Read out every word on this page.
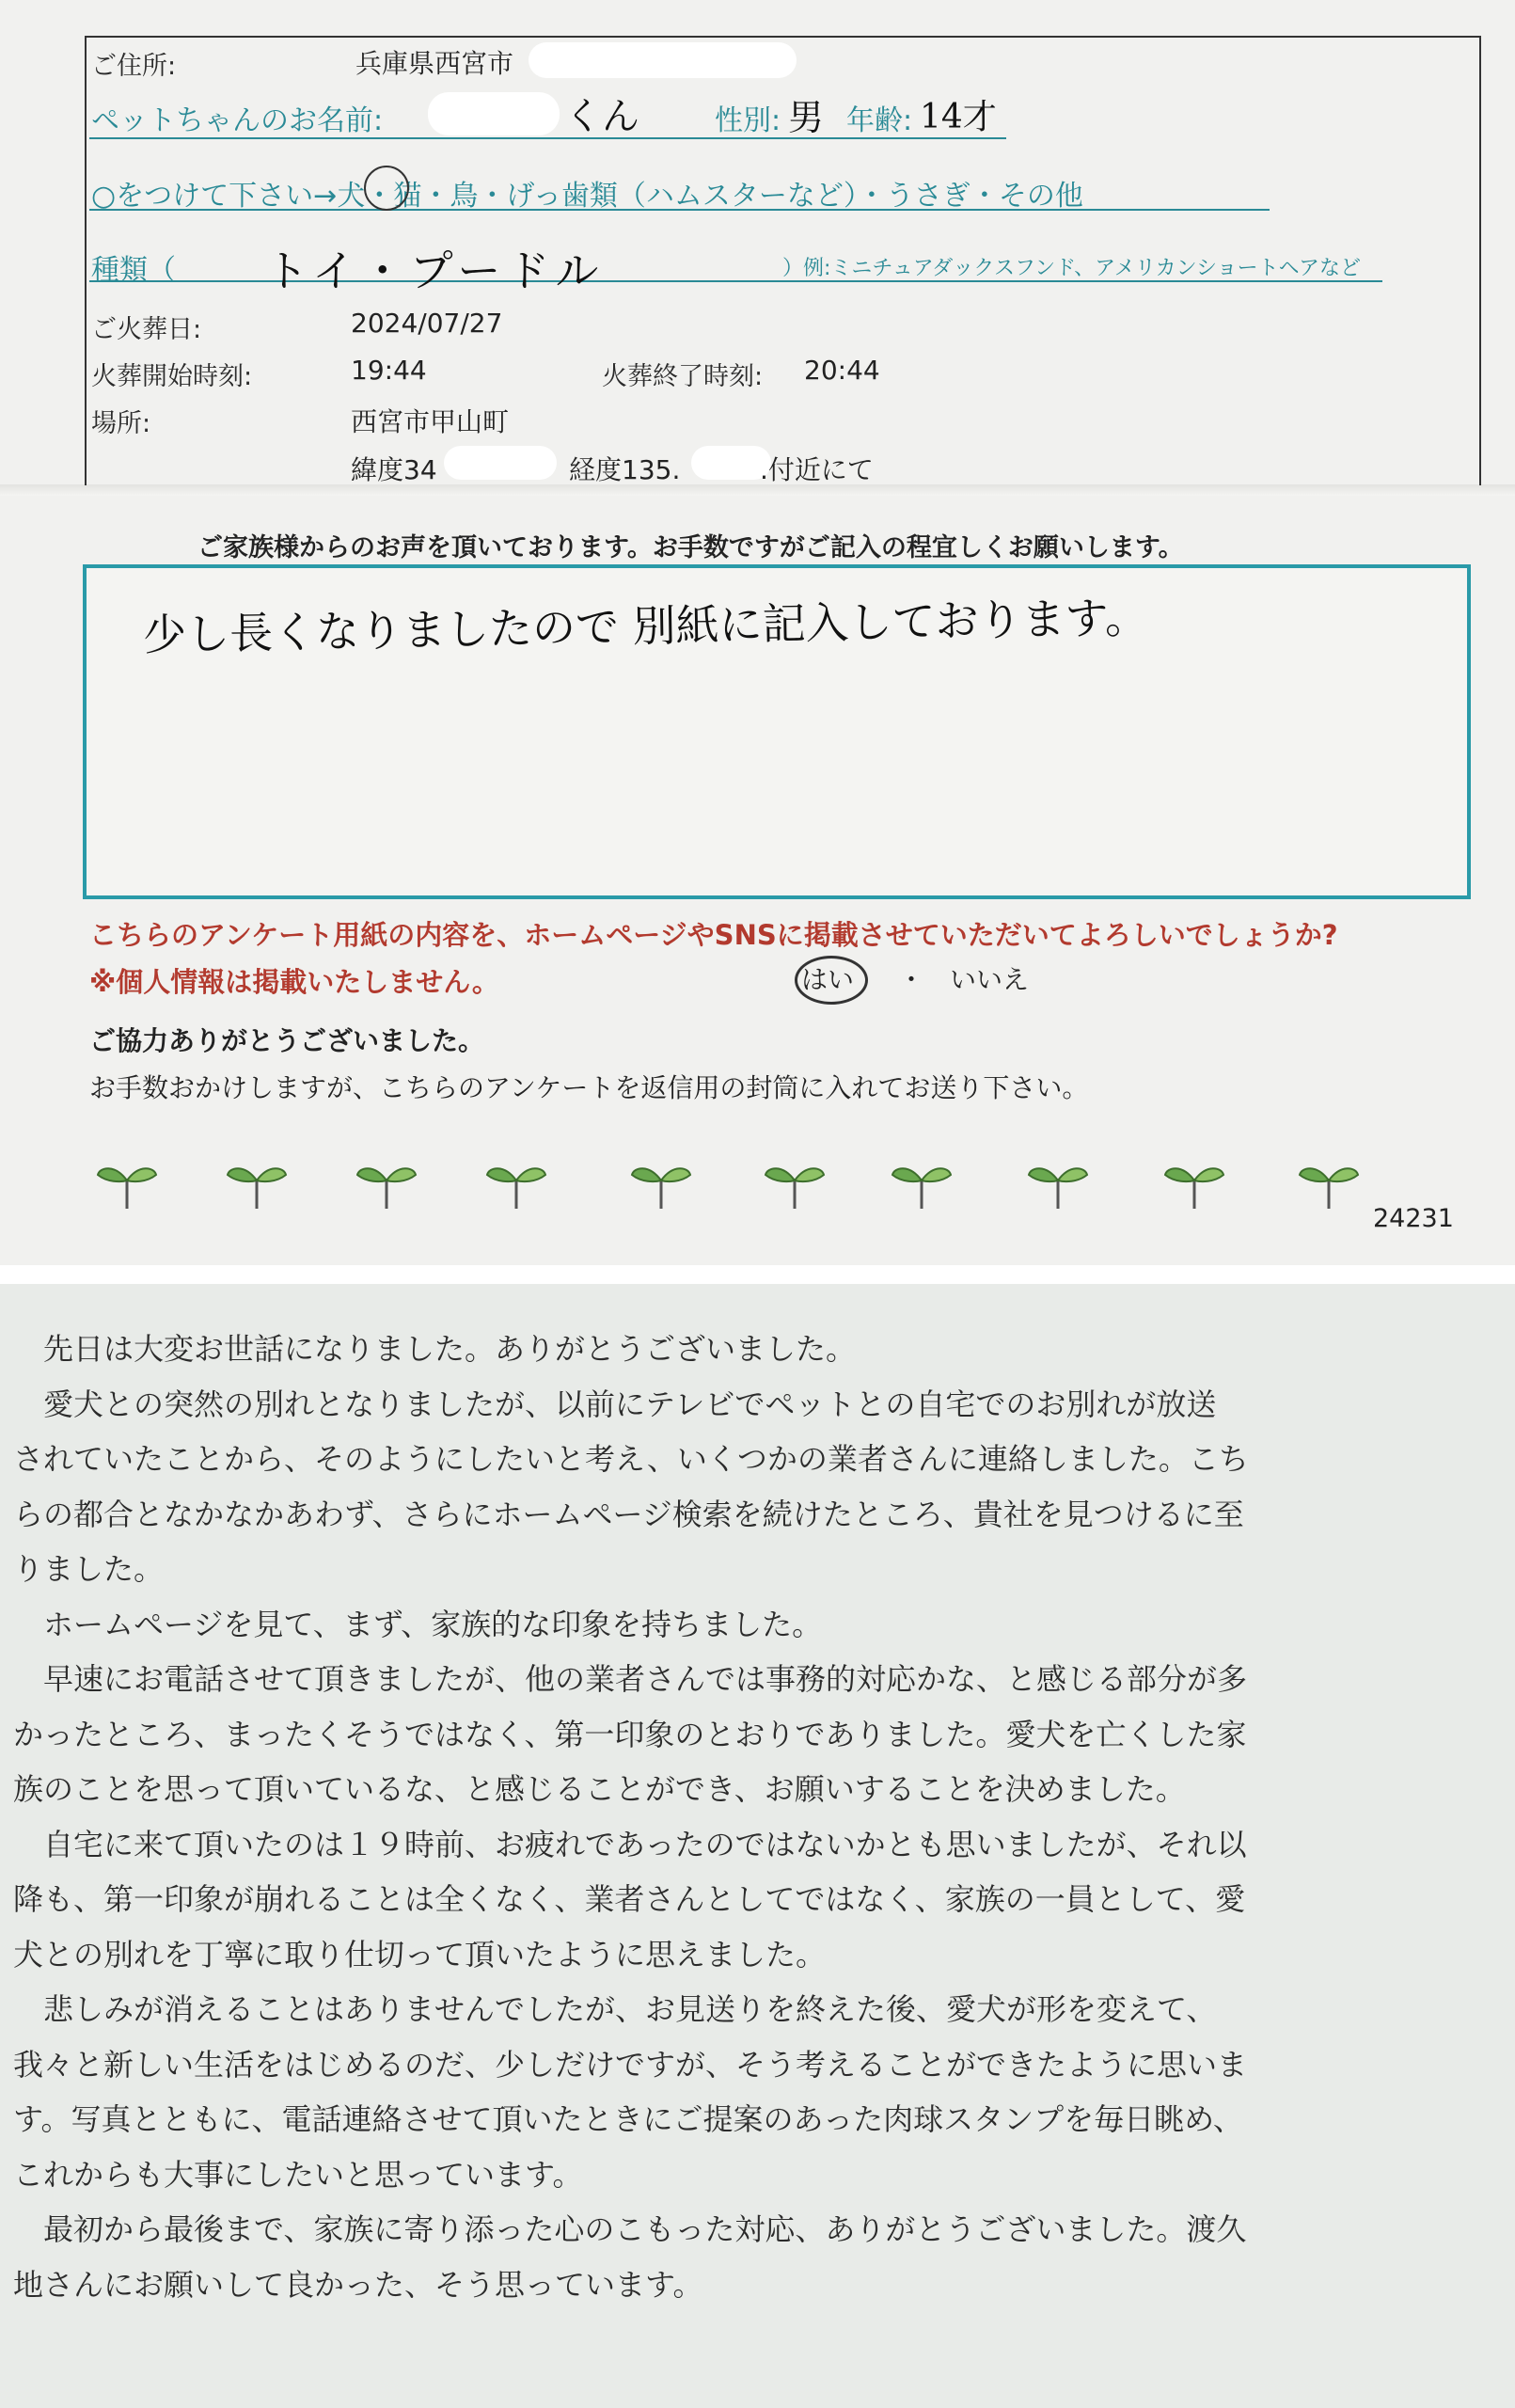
ご住所:	兵庫県西宮市
ペットちゃんのお名前:	くん	性別: 男 年齢: 14才
○をつけて下さい→犬・猫・鳥・げっ歯類（ハムスターなど）・うさぎ・その他
種類（ トイ・プードル	）例:ミニチュアダックスフンド、アメリカンショートヘアなど
ご火葬日:	2024/07/27
火葬開始時刻:	19:44	火葬終了時刻: 20:44
場所:	西宮市甲山町
緯度34	経度135.	.付近にて
ご家族様からのお声を頂いております。お手数ですがご記入の程宜しくお願いします。
少し長くなりましたので 別紙に記入しております。
こちらのアンケート用紙の内容を、ホームページやSNSに掲載させていただいてよろしいでしょうか?
※個人情報は掲載いたしません。	はい ・ いいえ
ご協力ありがとうございました。
お手数おかけしますが、こちらのアンケートを返信用の封筒に入れてお送り下さい。
24231

　先日は大変お世話になりました。ありがとうございました。

　愛犬との突然の別れとなりましたが、以前にテレビでペットとの自宅でのお別れが放送

されていたことから、そのようにしたいと考え、いくつかの業者さんに連絡しました。こち

らの都合となかなかあわず、さらにホームページ検索を続けたところ、貴社を見つけるに至

りました。

　ホームページを見て、まず、家族的な印象を持ちました。

　早速にお電話させて頂きましたが、他の業者さんでは事務的対応かな、と感じる部分が多

かったところ、まったくそうではなく、第一印象のとおりでありました。愛犬を亡くした家

族のことを思って頂いているな、と感じることができ、お願いすることを決めました。

　自宅に来て頂いたのは１９時前、お疲れであったのではないかとも思いましたが、それ以

降も、第一印象が崩れることは全くなく、業者さんとしてではなく、家族の一員として、愛

犬との別れを丁寧に取り仕切って頂いたように思えました。

　悲しみが消えることはありませんでしたが、お見送りを終えた後、愛犬が形を変えて、

我々と新しい生活をはじめるのだ、少しだけですが、そう考えることができたように思いま

す。写真とともに、電話連絡させて頂いたときにご提案のあった肉球スタンプを毎日眺め、

これからも大事にしたいと思っています。

　最初から最後まで、家族に寄り添った心のこもった対応、ありがとうございました。渡久

地さんにお願いして良かった、そう思っています。
